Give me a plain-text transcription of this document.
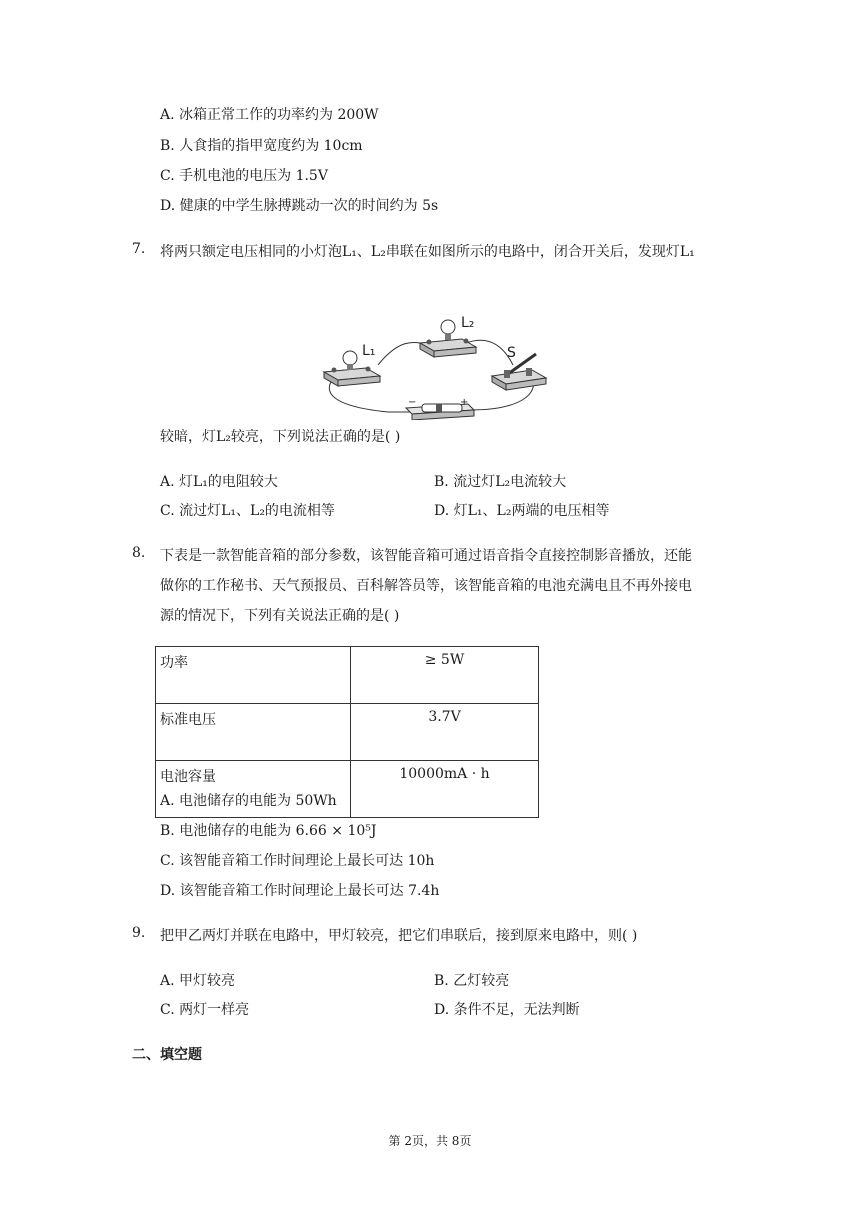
A. 冰箱正常工作的功率约为 200W
B. 人食指的指甲宽度约为 10cm
C. 手机电池的电压为 1.5V
D. 健康的中学生脉搏跳动一次的时间约为 5s
7. 将两只额定电压相同的小灯泡L₁、L₂串联在如图所示的电路中，闭合开关后，发现灯L₁
L₁
L₂
S
−	+
较暗，灯L₂较亮，下列说法正确的是( )
A. 灯L₁的电阻较大	B. 流过灯L₂电流较大
C. 流过灯L₁、L₂的电流相等	D. 灯L₁、L₂两端的电压相等
8. 下表是一款智能音箱的部分参数，该智能音箱可通过语音指令直接控制影音播放，还能
做你的工作秘书、天气预报员、百科解答员等，该智能音箱的电池充满电且不再外接电
源的情况下，下列有关说法正确的是( )
功率	≥ 5W
标准电压	3.7V
电池容量	10000mA · h
A. 电池储存的电能为 50Wh
B. 电池储存的电能为 6.66 × 10⁵J
C. 该智能音箱工作时间理论上最长可达 10h
D. 该智能音箱工作时间理论上最长可达 7.4h
9. 把甲乙两灯并联在电路中，甲灯较亮，把它们串联后，接到原来电路中，则( )
A. 甲灯较亮	B. 乙灯较亮
C. 两灯一样亮	D. 条件不足，无法判断
二、填空题
第 2页，共 8页
